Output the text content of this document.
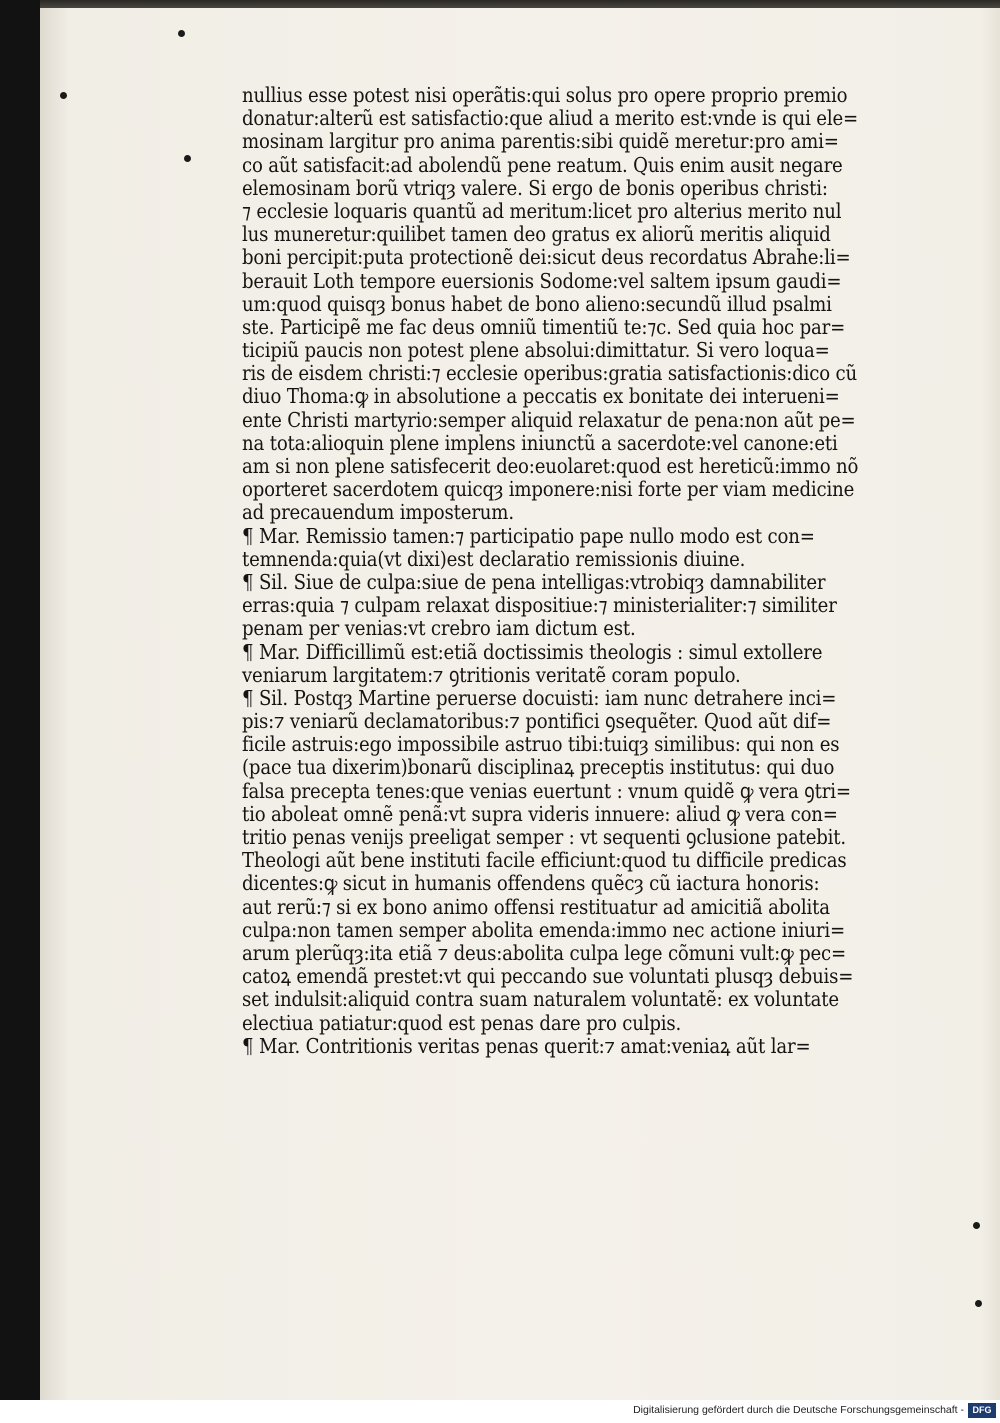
nullius esse potest nisi operãtis:qui solus pro opere proprio premio
donatur:alterũ est satisfactio:que aliud a merito est:vnde is qui ele=
mosinam largitur pro anima parentis:sibi quidẽ meretur:pro ami=
co aũt satisfacit:ad abolendũ pene reatum. Quis enim ausit negare
elemosinam borũ vtriqȝ valere. Si ergo de bonis operibus christi:
⁊ ecclesie loquaris quantũ ad meritum:licet pro alterius merito nul
lus muneretur:quilibet tamen deo gratus ex aliorũ meritis aliquid
boni percipit:puta protectionẽ dei:sicut deus recordatus Abrahe:li=
berauit Loth tempore euersionis Sodome:vel saltem ipsum gaudi=
um:quod quisqȝ bonus habet de bono alieno:secundũ illud psalmi
ste. Participẽ me fac deus omniũ timentiũ te:⁊c. Sed quia hoc par=
ticipiũ paucis non potest plene absolui:dimittatur. Si vero loqua=
ris de eisdem christi:⁊ ecclesie operibus:gratia satisfactionis:dico cũ
diuo Thoma:ꝙ in absolutione a peccatis ex bonitate dei interueni=
ente Christi martyrio:semper aliquid relaxatur de pena:non aũt pe=
na tota:alioquin plene implens iniunctũ a sacerdote:vel canone:eti
am si non plene satisfecerit deo:euolaret:quod est hereticũ:immo nõ
oporteret sacerdotem quicqȝ imponere:nisi forte per viam medicine
ad precauendum imposterum.
¶ Mar. Remissio tamen:⁊ participatio pape nullo modo est con=
temnenda:quia(vt dixi)est declaratio remissionis diuine.
¶ Sil. Siue de culpa:siue de pena intelligas:vtrobiqȝ damnabiliter
erras:quia ⁊ culpam relaxat dispositiue:⁊ ministerialiter:⁊ similiter
penam per venias:vt crebro iam dictum est.
¶ Mar. Difficillimũ est:etiã doctissimis theologis : simul extollere
veniarum largitatem:⁊ ꝯtritionis veritatẽ coram populo.
¶ Sil. Postqȝ Martine peruerse docuisti: iam nunc detrahere inci=
pis:⁊ veniarũ declamatoribus:⁊ pontifici ꝯsequẽter. Quod aũt dif=
ficile astruis:ego impossibile astruo tibi:tuiqȝ similibus: qui non es
(pace tua dixerim)bonarũ disciplinaꝝ preceptis institutus: qui duo
falsa precepta tenes:que venias euertunt : vnum quidẽ ꝙ vera ꝯtri=
tio aboleat omnẽ penã:vt supra videris innuere: aliud ꝙ vera con=
tritio penas venijs preeligat semper : vt sequenti ꝯclusione patebit.
Theologi aũt bene instituti facile efficiunt:quod tu difficile predicas
dicentes:ꝙ sicut in humanis offendens quẽcȝ cũ iactura honoris:
aut rerũ:⁊ si ex bono animo offensi restituatur ad amicitiã abolita
culpa:non tamen semper abolita emenda:immo nec actione iniuri=
arum plerũqȝ:ita etiã ⁊ deus:abolita culpa lege cõmuni vult:ꝙ pec=
catoꝝ emendã prestet:vt qui peccando sue voluntati plusqȝ debuis=
set indulsit:aliquid contra suam naturalem voluntatẽ: ex voluntate
electiua patiatur:quod est penas dare pro culpis.
¶ Mar. Contritionis veritas penas querit:⁊ amat:veniaꝝ aũt lar=
Digitalisierung gefördert durch die Deutsche Forschungsgemeinschaft - DFG
